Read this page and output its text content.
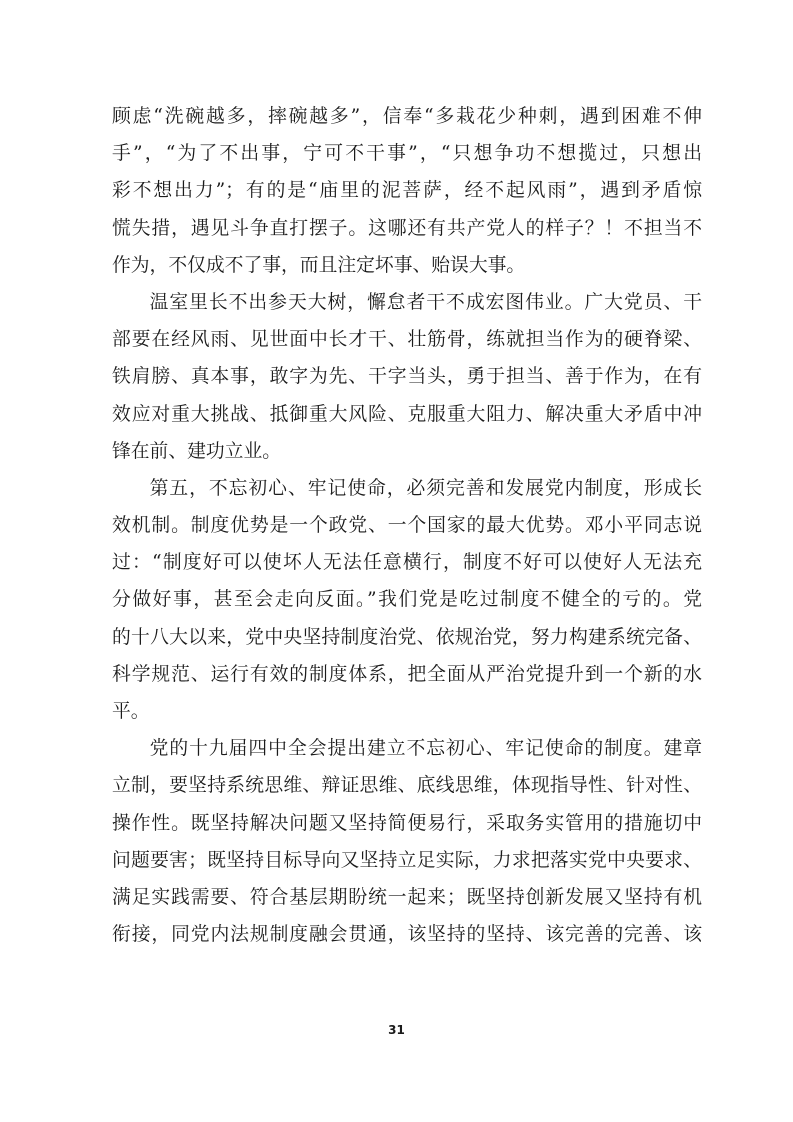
顾虑“洗碗越多，摔碗越多”，信奉“多栽花少种刺，遇到困难不伸
手”，“为了不出事，宁可不干事”，“只想争功不想揽过，只想出
彩不想出力”；有的是“庙里的泥菩萨，经不起风雨”，遇到矛盾惊
慌失措，遇见斗争直打摆子。这哪还有共产党人的样子？！不担当不
作为，不仅成不了事，而且注定坏事、贻误大事。
温室里长不出参天大树，懈怠者干不成宏图伟业。广大党员、干
部要在经风雨、见世面中长才干、壮筋骨，练就担当作为的硬脊梁、
铁肩膀、真本事，敢字为先、干字当头，勇于担当、善于作为，在有
效应对重大挑战、抵御重大风险、克服重大阻力、解决重大矛盾中冲
锋在前、建功立业。
第五，不忘初心、牢记使命，必须完善和发展党内制度，形成长
效机制。制度优势是一个政党、一个国家的最大优势。邓小平同志说
过：“制度好可以使坏人无法任意横行，制度不好可以使好人无法充
分做好事，甚至会走向反面。”我们党是吃过制度不健全的亏的。党
的十八大以来，党中央坚持制度治党、依规治党，努力构建系统完备、
科学规范、运行有效的制度体系，把全面从严治党提升到一个新的水
平。
党的十九届四中全会提出建立不忘初心、牢记使命的制度。建章
立制，要坚持系统思维、辩证思维、底线思维，体现指导性、针对性、
操作性。既坚持解决问题又坚持简便易行，采取务实管用的措施切中
问题要害；既坚持目标导向又坚持立足实际，力求把落实党中央要求、
满足实践需要、符合基层期盼统一起来；既坚持创新发展又坚持有机
衔接，同党内法规制度融会贯通，该坚持的坚持、该完善的完善、该
31
